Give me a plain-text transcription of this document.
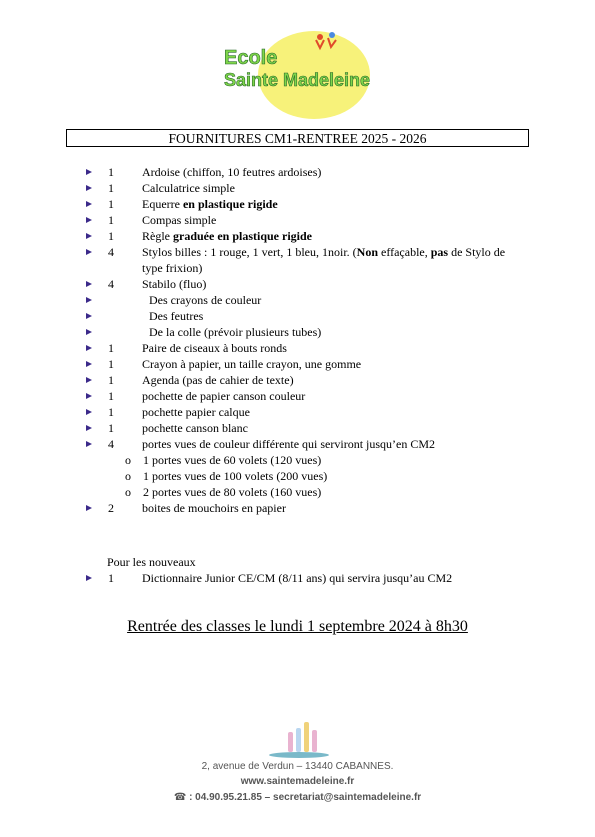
Ecole
Sainte Madeleine
FOURNITURES CM1-RENTREE 2025 - 2026
1	Ardoise (chiffon, 10 feutres ardoises)
1	Calculatrice simple
1	Equerre en plastique rigide
1	Compas simple
1	Règle graduée en plastique rigide
4	Stylos billes : 1 rouge, 1 vert, 1 bleu, 1noir. (Non effaçable, pas de Stylo de type frixion)
4	Stabilo (fluo)
Des crayons de couleur
Des feutres
De la colle (prévoir plusieurs tubes)
1	Paire de ciseaux à bouts ronds
1	Crayon à papier, un taille crayon, une gomme
1	Agenda (pas de cahier de texte)
1	pochette de papier canson couleur
1	pochette papier calque
1	pochette canson blanc
4	portes vues de couleur différente qui serviront jusqu’en CM2
o 1 portes vues de 60 volets (120 vues)
o 1 portes vues de 100 volets (200 vues)
o 2 portes vues de 80 volets (160 vues)
2	boites de mouchoirs en papier
Pour les nouveaux
1	Dictionnaire Junior CE/CM (8/11 ans) qui servira jusqu’au CM2
Rentrée des classes le lundi 1 septembre 2024 à 8h30
2, avenue de Verdun – 13440 CABANNES.
www.saintemadeleine.fr
☎ : 04.90.95.21.85 – secretariat@saintemadeleine.fr
